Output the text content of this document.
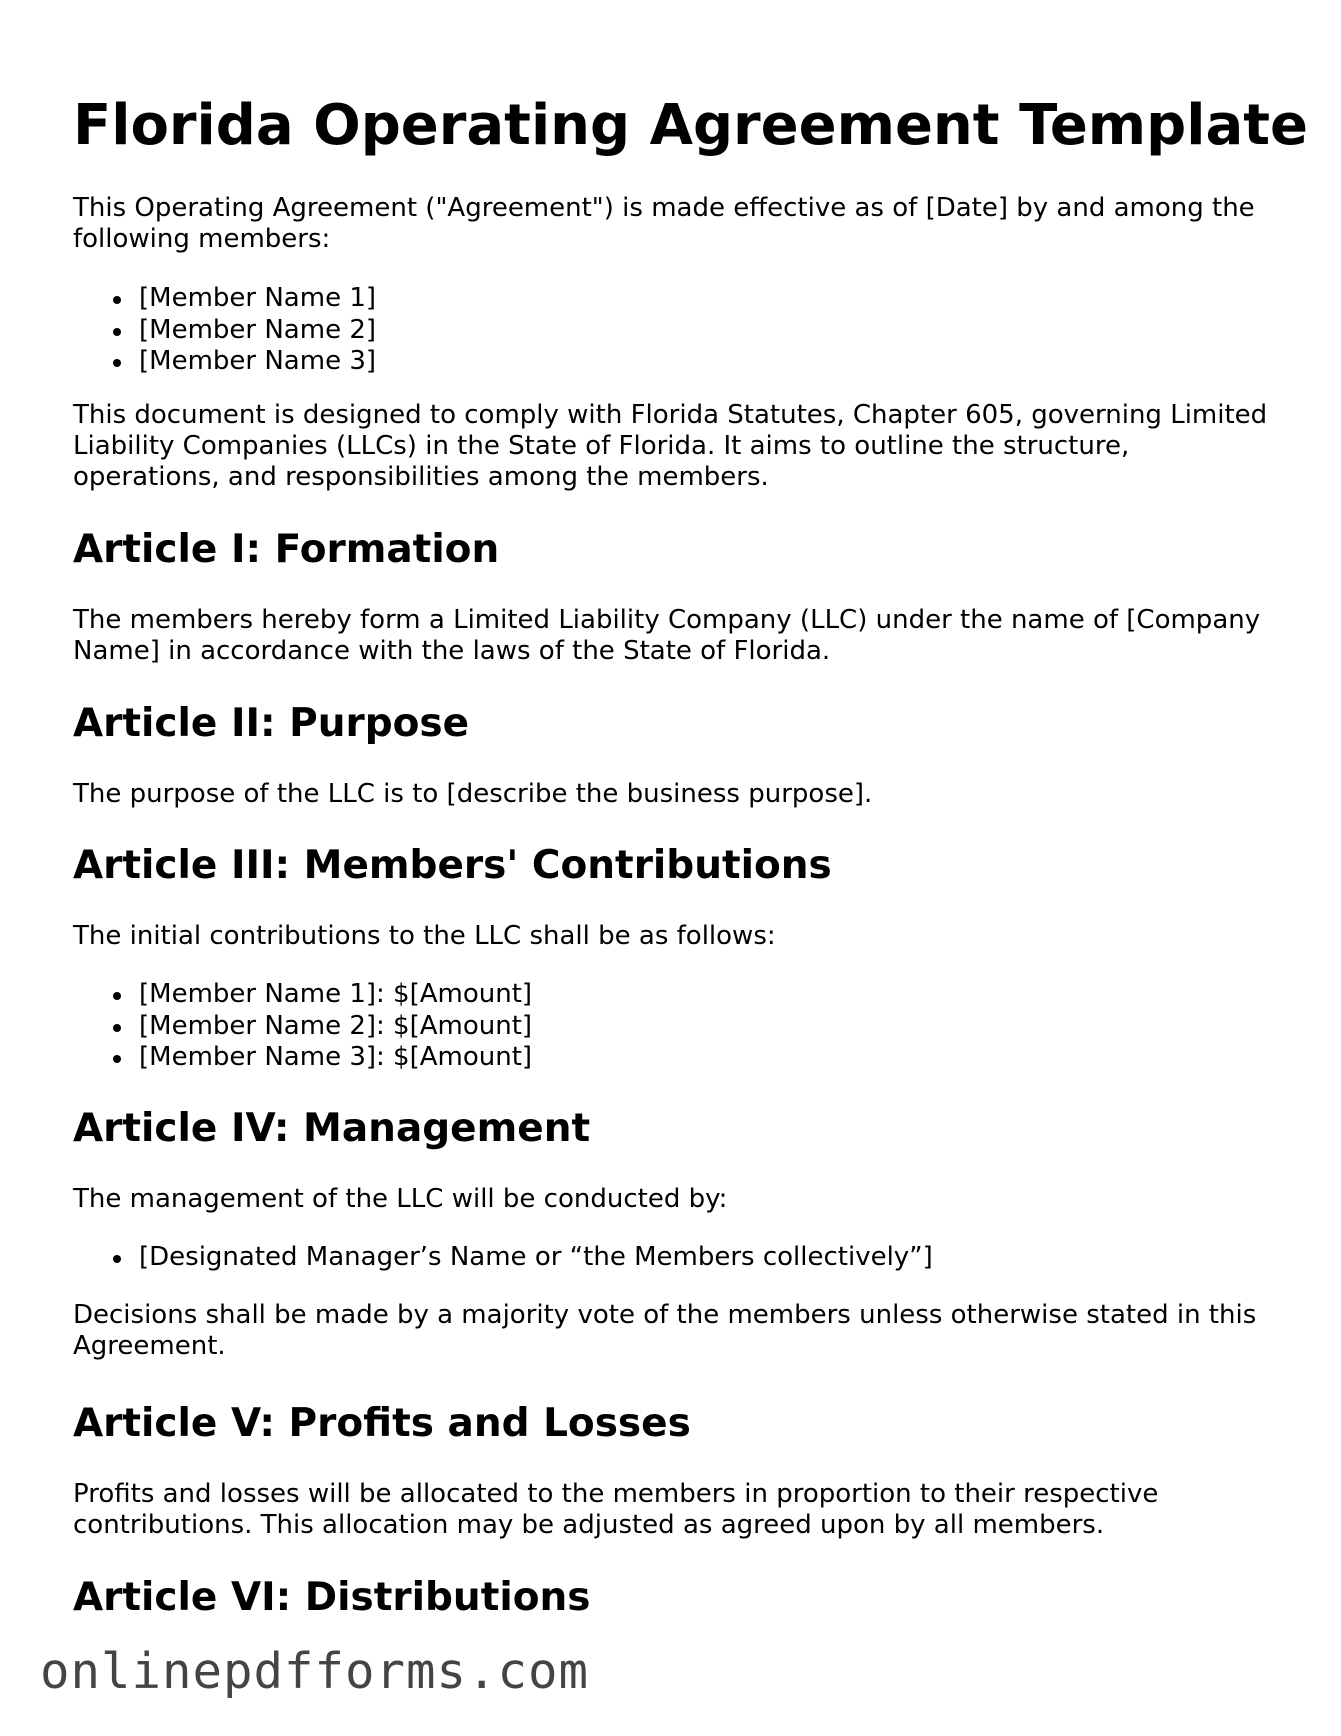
Florida Operating Agreement Template

This Operating Agreement ("Agreement") is made effective as of [Date] by and among the following members:

[Member Name 1]
[Member Name 2]
[Member Name 3]

This document is designed to comply with Florida Statutes, Chapter 605, governing Limited Liability Companies (LLCs) in the State of Florida. It aims to outline the structure, operations, and responsibilities among the members.

Article I: Formation

The members hereby form a Limited Liability Company (LLC) under the name of [Company Name] in accordance with the laws of the State of Florida.

Article II: Purpose

The purpose of the LLC is to [describe the business purpose].

Article III: Members' Contributions

The initial contributions to the LLC shall be as follows:

[Member Name 1]: $[Amount]
[Member Name 2]: $[Amount]
[Member Name 3]: $[Amount]
Article IV: Management

The management of the LLC will be conducted by:

[Designated Manager’s Name or “the Members collectively”]

Decisions shall be made by a majority vote of the members unless otherwise stated in this Agreement.

Article V: Profits and Losses

Profits and losses will be allocated to the members in proportion to their respective contributions. This allocation may be adjusted as agreed upon by all members.

Article VI: Distributions
onlinepdfforms.com
